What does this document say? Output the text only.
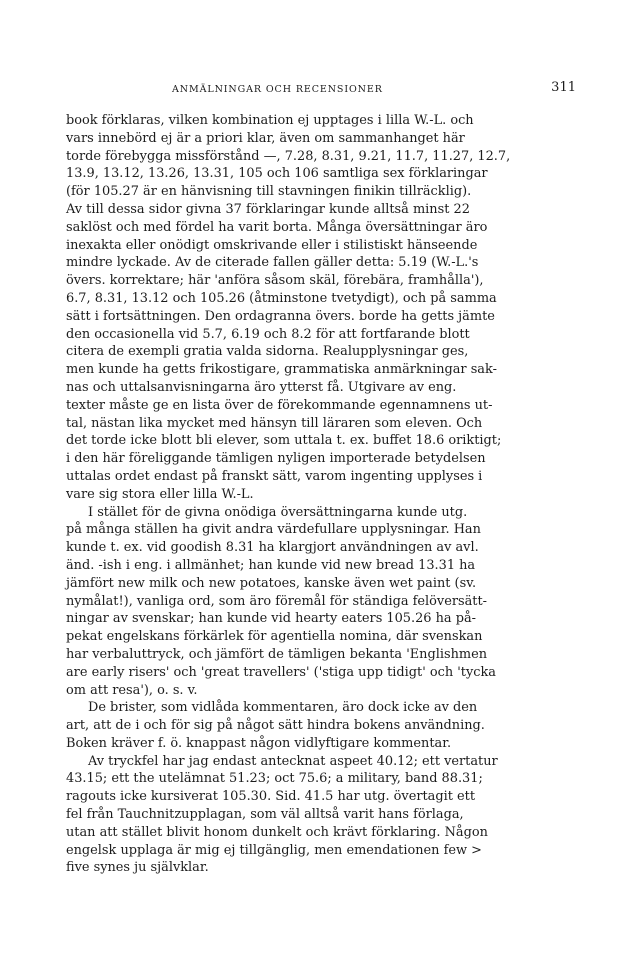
ANMÄLNINGAR OCH RECENSIONER	311
book förklaras, vilken kombination ej upptages i lilla W.-L. och
vars innebörd ej är a priori klar, även om sammanhanget här
torde förebygga missförstånd —, 7.28, 8.31, 9.21, 11.7, 11.27, 12.7,
13.9, 13.12, 13.26, 13.31, 105 och 106 samtliga sex förklaringar
(för 105.27 är en hänvisning till stavningen finikin tillräcklig).
Av till dessa sidor givna 37 förklaringar kunde alltså minst 22
saklöst och med fördel ha varit borta. Många översättningar äro
inexakta eller onödigt omskrivande eller i stilistiskt hänseende
mindre lyckade. Av de citerade fallen gäller detta: 5.19 (W.-L.'s
övers. korrektare; här 'anföra såsom skäl, förebära, framhålla'),
6.7, 8.31, 13.12 och 105.26 (åtminstone tvetydigt), och på samma
sätt i fortsättningen. Den ordagranna övers. borde ha getts jämte
den occasionella vid 5.7, 6.19 och 8.2 för att fortfarande blott
citera de exempli gratia valda sidorna. Realupplysningar ges,
men kunde ha getts frikostigare, grammatiska anmärkningar sak-
nas och uttalsanvisningarna äro ytterst få. Utgivare av eng.
texter måste ge en lista över de förekommande egennamnens ut-
tal, nästan lika mycket med hänsyn till läraren som eleven. Och
det torde icke blott bli elever, som uttala t. ex. buffet 18.6 oriktigt;
i den här föreliggande tämligen nyligen importerade betydelsen
uttalas ordet endast på franskt sätt, varom ingenting upplyses i
vare sig stora eller lilla W.-L.
I stället för de givna onödiga översättningarna kunde utg.
på många ställen ha givit andra värdefullare upplysningar. Han
kunde t. ex. vid goodish 8.31 ha klargjort användningen av avl.
änd. -ish i eng. i allmänhet; han kunde vid new bread 13.31 ha
jämfört new milk och new potatoes, kanske även wet paint (sv.
nymålat!), vanliga ord, som äro föremål för ständiga felöversätt-
ningar av svenskar; han kunde vid hearty eaters 105.26 ha på-
pekat engelskans förkärlek för agentiella nomina, där svenskan
har verbaluttryck, och jämfört de tämligen bekanta 'Englishmen
are early risers' och 'great travellers' ('stiga upp tidigt' och 'tycka
om att resa'), o. s. v.
De brister, som vidlåda kommentaren, äro dock icke av den
art, att de i och för sig på något sätt hindra bokens användning.
Boken kräver f. ö. knappast någon vidlyftigare kommentar.
Av tryckfel har jag endast antecknat aspeet 40.12; ett vertatur
43.15; ett the utelämnat 51.23; oct 75.6; a military, band 88.31;
ragouts icke kursiverat 105.30. Sid. 41.5 har utg. övertagit ett
fel från Tauchnitzupplagan, som väl alltså varit hans förlaga,
utan att stället blivit honom dunkelt och krävt förklaring. Någon
engelsk upplaga är mig ej tillgänglig, men emendationen few >
five synes ju självklar.
